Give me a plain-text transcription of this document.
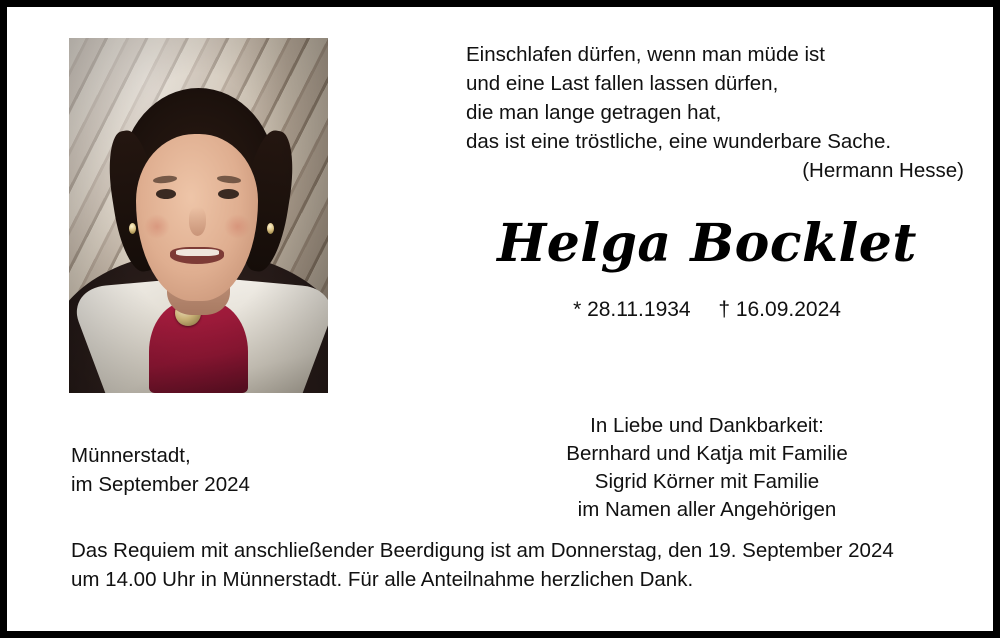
Einschlafen dürfen, wenn man müde ist
und eine Last fallen lassen dürfen,
die man lange getragen hat,
das ist eine tröstliche, eine wunderbare Sache.
(Hermann Hesse)
Helga Bocklet
* 28.11.1934 † 16.09.2024
In Liebe und Dankbarkeit:
Bernhard und Katja mit Familie
Sigrid Körner mit Familie
im Namen aller Angehörigen
Münnerstadt,
im September 2024
Das Requiem mit anschließender Beerdigung ist am Donnerstag, den 19. September 2024
um 14.00 Uhr in Münnerstadt. Für alle Anteilnahme herzlichen Dank.
